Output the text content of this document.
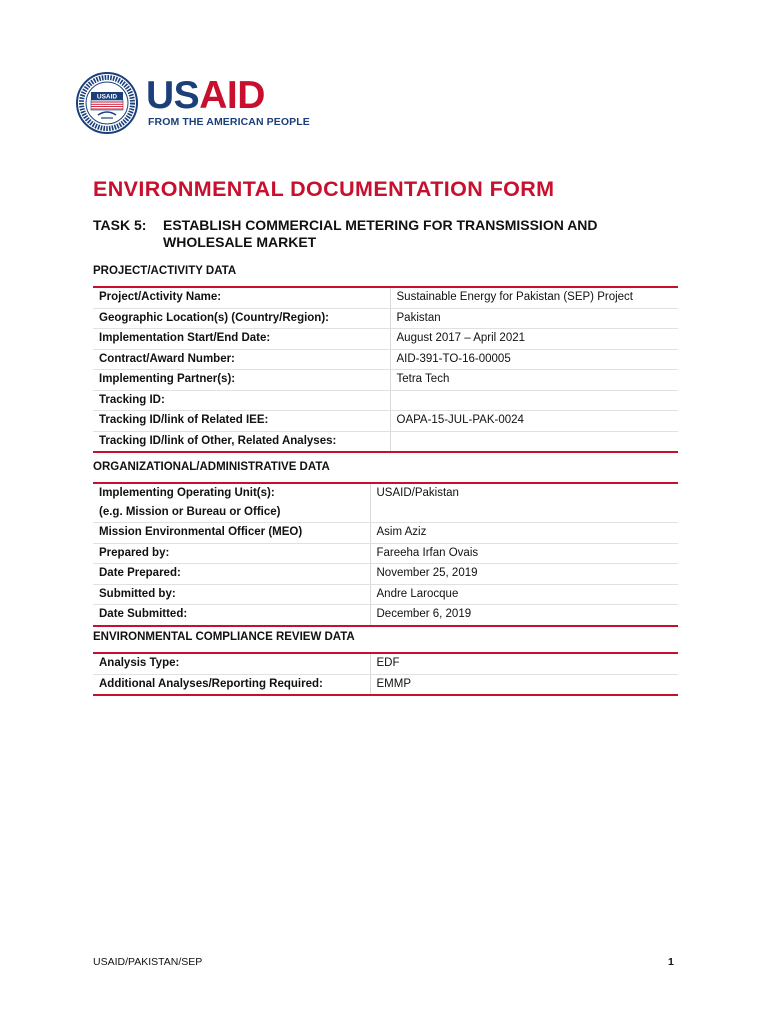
USAID USAID
FROM THE AMERICAN PEOPLE
ENVIRONMENTAL DOCUMENTATION FORM
TASK 5: ESTABLISH COMMERCIAL METERING FOR TRANSMISSION AND
WHOLESALE MARKET
PROJECT/ACTIVITY DATA
Project/Activity Name:	Sustainable Energy for Pakistan (SEP) Project
Geographic Location(s) (Country/Region):	Pakistan
Implementation Start/End Date:	August 2017 – April 2021
Contract/Award Number:	AID-391-TO-16-00005
Implementing Partner(s):	Tetra Tech
Tracking ID:	
Tracking ID/link of Related IEE:	OAPA-15-JUL-PAK-0024
Tracking ID/link of Other, Related Analyses:	
ORGANIZATIONAL/ADMINISTRATIVE DATA
Implementing Operating Unit(s):
(e.g. Mission or Bureau or Office)	USAID/Pakistan
Mission Environmental Officer (MEO)	Asim Aziz
Prepared by:	Fareeha Irfan Ovais
Date Prepared:	November 25, 2019
Submitted by:	Andre Larocque
Date Submitted:	December 6, 2019
ENVIRONMENTAL COMPLIANCE REVIEW DATA
Analysis Type:	EDF
Additional Analyses/Reporting Required:	EMMP
USAID/PAKISTAN/SEP	1
